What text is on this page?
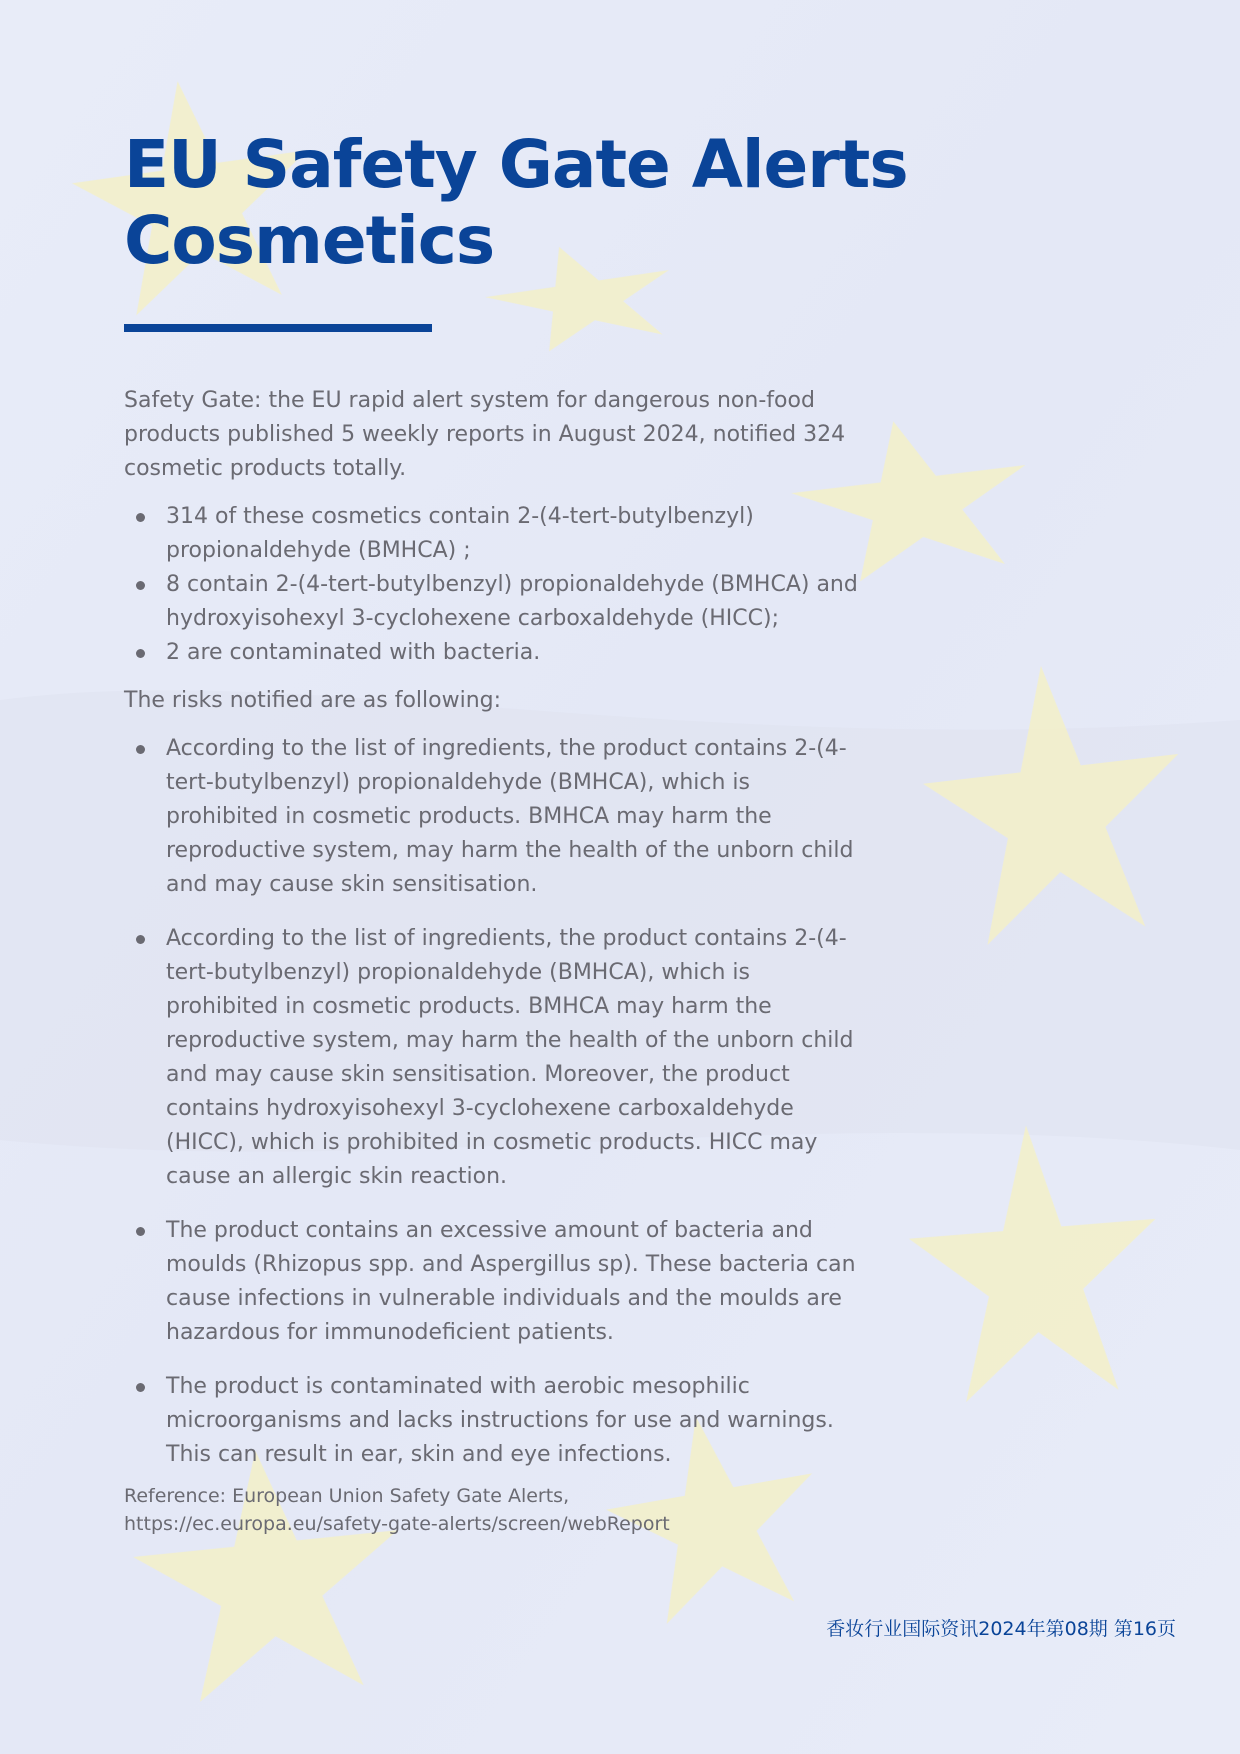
EU Safety Gate Alerts
Cosmetics

Safety Gate: the EU rapid alert system for dangerous non-food products published 5 weekly reports in August 2024, notified 324 cosmetic products totally.

314 of these cosmetics contain 2-(4-tert-butylbenzyl) propionaldehyde (BMHCA) ;
8 contain 2-(4-tert-butylbenzyl) propionaldehyde (BMHCA) and hydroxyisohexyl 3-cyclohexene carboxaldehyde (HICC);
2 are contaminated with bacteria.

The risks notified are as following:

According to the list of ingredients, the product contains 2-(4-tert-butylbenzyl) propionaldehyde (BMHCA), which is prohibited in cosmetic products. BMHCA may harm the reproductive system, may harm the health of the unborn child and may cause skin sensitisation.
According to the list of ingredients, the product contains 2-(4-tert-butylbenzyl) propionaldehyde (BMHCA), which is prohibited in cosmetic products. BMHCA may harm the reproductive system, may harm the health of the unborn child and may cause skin sensitisation. Moreover, the product contains hydroxyisohexyl 3-cyclohexene carboxaldehyde (HICC), which is prohibited in cosmetic products. HICC may cause an allergic skin reaction.
The product contains an excessive amount of bacteria and moulds (Rhizopus spp. and Aspergillus sp). These bacteria can cause infections in vulnerable individuals and the moulds are hazardous for immunodeficient patients.
The product is contaminated with aerobic mesophilic microorganisms and lacks instructions for use and warnings. This can result in ear, skin and eye infections.

Reference: European Union Safety Gate Alerts,
https://ec.europa.eu/safety-gate-alerts/screen/webReport

香妆行业国际资讯2024年第08期 第16页
